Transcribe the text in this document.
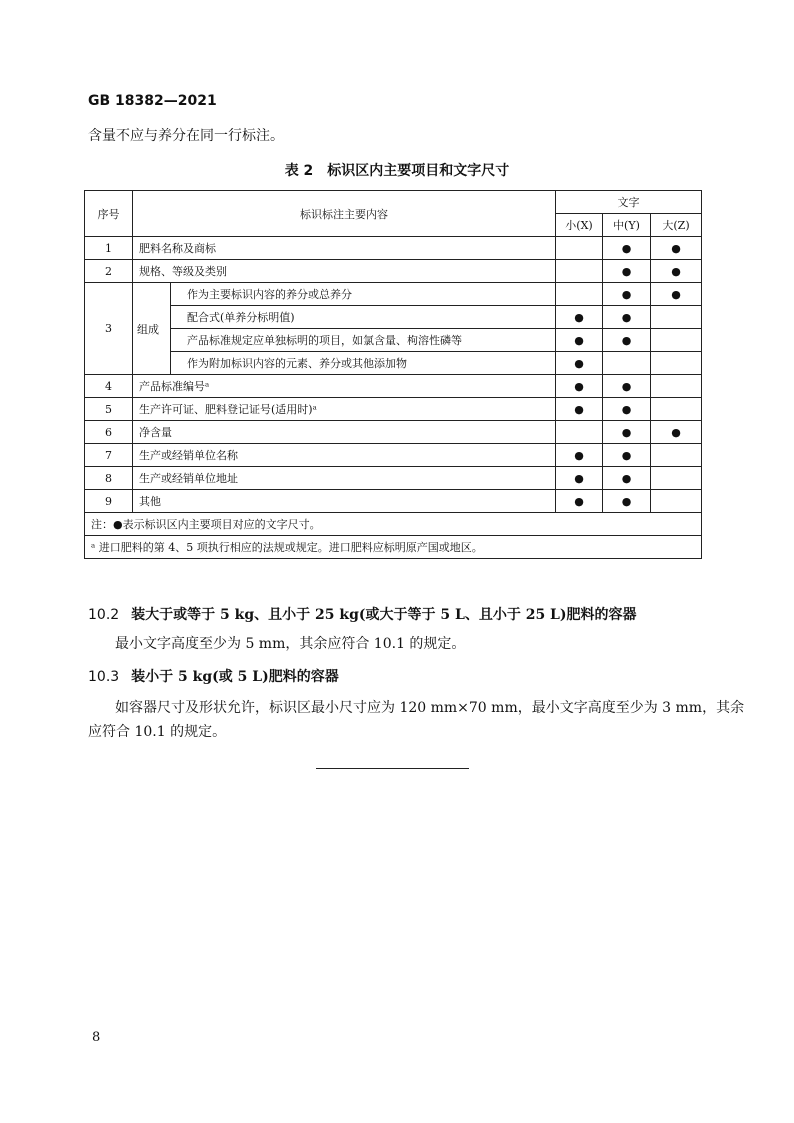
GB 18382—2021
含量不应与养分在同一行标注。
表 2　标识区内主要项目和文字尺寸
序号	标识标注主要内容		文字		
			小(X)	中(Y)	大(Z)
1	肥料名称及商标			●	●
2	规格、等级及类别			●	●
3	组成	作为主要标识内容的养分或总养分		●	●
		配合式(单养分标明值)	●	●	
		产品标准规定应单独标明的项目，如氯含量、枸溶性磷等	●	●	
		作为附加标识内容的元素、养分或其他添加物	●		
4	产品标准编号ᵃ		●	●	
5	生产许可证、肥料登记证号(适用时)ᵃ		●	●	
6	净含量			●	●
7	生产或经销单位名称		●	●	
8	生产或经销单位地址		●	●	
9	其他		●	●	
注：●表示标识区内主要项目对应的文字尺寸。					
ᵃ 进口肥料的第 4、5 项执行相应的法规或规定。进口肥料应标明原产国或地区。					
10.2 装大于或等于 5 kg、且小于 25 kg(或大于等于 5 L、且小于 25 L)肥料的容器
最小文字高度至少为 5 mm，其余应符合 10.1 的规定。
10.3 装小于 5 kg(或 5 L)肥料的容器
如容器尺寸及形状允许，标识区最小尺寸应为 120 mm×70 mm，最小文字高度至少为 3 mm，其余
应符合 10.1 的规定。
8
